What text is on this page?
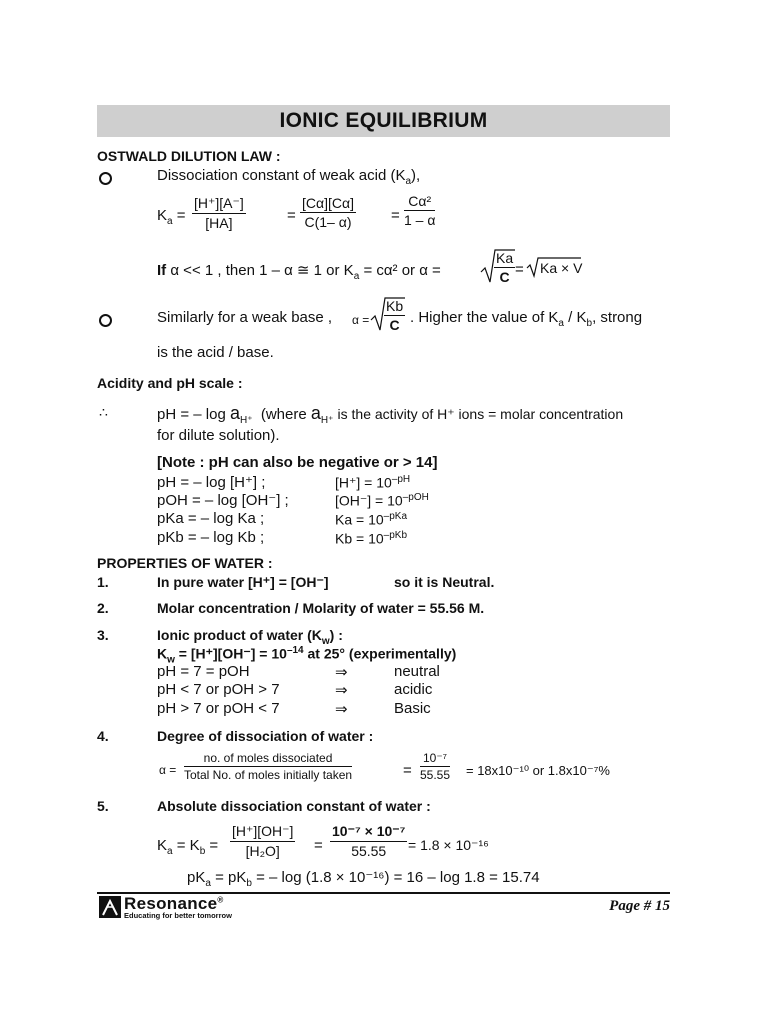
IONIC EQUILIBRIUM
OSTWALD DILUTION LAW :
Dissociation constant of weak acid $(K_a)$,
$K_a = \frac{[H^+][A^-]}{[HA]}$	= $\frac{[C\alpha][C\alpha]}{C(1- \alpha)} = \frac{\text{Cα²}}{1 - \alpha}$
If α << 1 , then 1 – α ≅ 1 or $K_a = c\alpha^2$ or α =	$\frac{Ka}{C} = Ka \times V$
Similarly for a weak base , $\alpha = \frac{Kb}{C}$ . Higher the value of $K_a / K_b$, strong
is the acid / base.
Acidity and pH scale :
∴	pH = – $\log a_{H^+}$ (where $a_{H^+}$ is the activity of H⁺ ions = molar concentration
for dilute solution).
[Note : pH can also be negative or > 14]
pH = – log [H⁺] ;	$[H^+] = 10^{-pH}$
pOH = – log [OH⁻] ;	$[OH^-] = 10^{-pOH}$
pKa = – log Ka ;	$Ka = 10^{-pKa}$
pKb = – log Kb ;	$Kb = 10^{-pKb}$
PROPERTIES OF WATER :
1.	In pure water [H⁺] = [OH⁻]	so it is Neutral.
2.	Molar concentration / Molarity of water = 55.56 M.
3.	Ionic product of water $(K_w)$ :
$K_w = [H^+][OH^-] = 10^{-14}$ at 25° (experimentally)
pH = 7 = pOH	⇒	neutral
pH < 7 or pOH > 7	⇒	acidic
pH > 7 or pOH < 7	⇒	Basic
4.	Degree of dissociation of water :
α =
no. of moles dissociated
Total No. of moles initially taken	= $\frac{\text{10⁻⁷}}{55.55} = 18x10^{-10}$ or 1.8x10⁻⁷%
5.	Absolute dissociation constant of water :
$K_a = K_b = \frac{[H^+][OH^-]}{\text{[H₂O]}} = \frac{\text{10⁻⁷ × 10⁻⁷}}{55.55} = 1.8 \times 10^{-16}$
$pK_a = pK_b$ = – log (1.8 × 10⁻¹⁶) = 16 – log 1.8 = 15.74
Resonance®
Educating for better tomorrow
Page # 15
